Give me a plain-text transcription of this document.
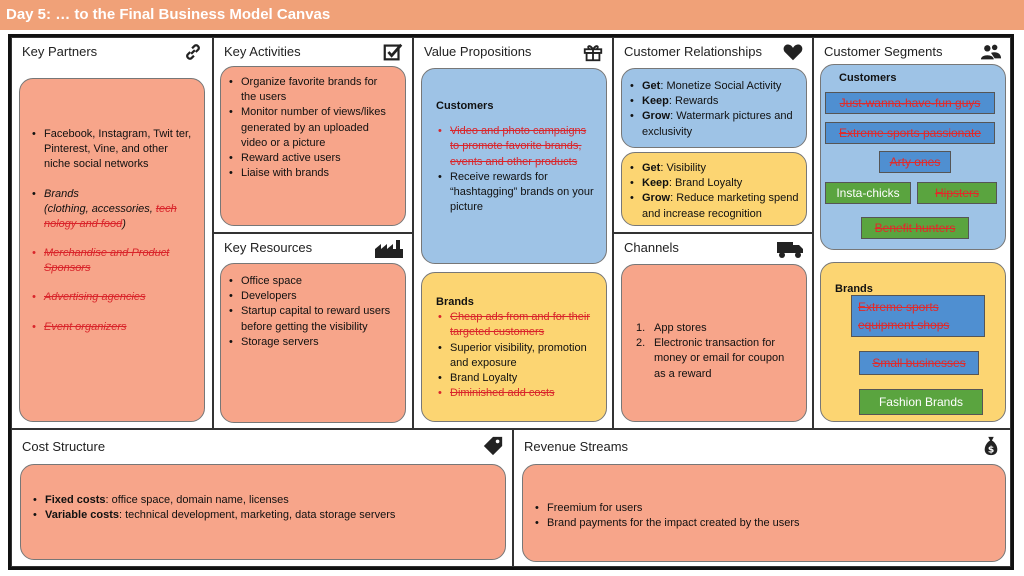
Day 5: … to the Final Business Model Canvas
Key Partners
• Facebook, Instagram, Twit ter, Pinterest, Vine, and other niche social networks
• Brands
(clothing, accessories, tech nology and food)
• Merchandise and Product Sponsors
• Advertising agencies
• Event organizers
Key Activities
• Organize favorite brands for the users
• Monitor number of views/likes generated by an uploaded video or a picture
• Reward active users
• Liaise with brands
Key Resources
• Office space
• Developers
• Startup capital to reward users before getting the visibility
• Storage servers
Value Propositions
Customers
• Video and photo campaigns to promote favorite brands, events and other products
• Receive rewards for “hashtagging” brands on your picture
Brands
• Cheap ads from and for their targeted customers
• Superior visibility, promotion and exposure
• Brand Loyalty
• Diminished add costs
Customer Relationships
• Get: Monetize Social Activity
• Keep: Rewards
• Grow: Watermark pictures and exclusivity
• Get: Visibility
• Keep: Brand Loyalty
• Grow: Reduce marketing spend and increase recognition
Channels
1. App stores
2. Electronic transaction for money or email for coupon as a reward
Customer Segments
Customers
Just-wanna-have-fun guys
Extreme sports passionate
Arty ones
Insta-chicks	Hipsters
Benefit hunters
Brands
Extreme sports equipment shops
Small businesses
Fashion Brands
Cost Structure
• Fixed costs: office space, domain name, licenses
• Variable costs: technical development, marketing, data storage servers
Revenue Streams	$
• Freemium for users
• Brand payments for the impact created by the users
